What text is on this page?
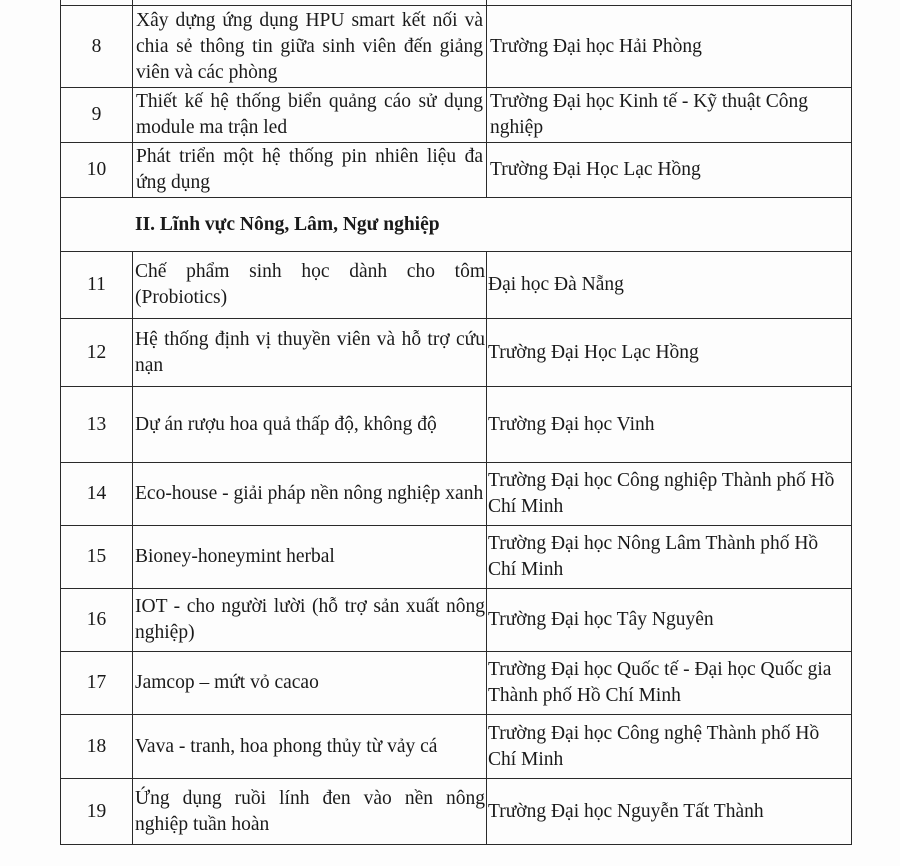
8	Xây dựng ứng dụng HPU smart kết nối và chia sẻ thông tin giữa sinh viên đến giảng viên và các phòng	Trường Đại học Hải Phòng
9	Thiết kế hệ thống biển quảng cáo sử dụng module ma trận led	Trường Đại học Kinh tế - Kỹ thuật Công nghiệp
10	Phát triển một hệ thống pin nhiên liệu đa ứng dụng	Trường Đại Học Lạc Hồng
II. Lĩnh vực Nông, Lâm, Ngư nghiệp		
11	Chế phẩm sinh học dành cho tôm (Probiotics)	Đại học Đà Nẵng
12	Hệ thống định vị thuyền viên và hỗ trợ cứu nạn	Trường Đại Học Lạc Hồng
13	Dự án rượu hoa quả thấp độ, không độ	Trường Đại học Vinh
14	Eco-house - giải pháp nền nông nghiệp xanh	Trường Đại học Công nghiệp Thành phố Hồ Chí Minh
15	Bioney-honeymint herbal	Trường Đại học Nông Lâm Thành phố Hồ Chí Minh
16	IOT - cho người lười (hỗ trợ sản xuất nông nghiệp)	Trường Đại học Tây Nguyên
17	Jamcop – mứt vỏ cacao	Trường Đại học Quốc tế - Đại học Quốc gia Thành phố Hồ Chí Minh
18	Vava - tranh, hoa phong thủy từ vảy cá	Trường Đại học Công nghệ Thành phố Hồ Chí Minh
19	Ứng dụng ruồi lính đen vào nền nông nghiệp tuần hoàn	Trường Đại học Nguyễn Tất Thành
